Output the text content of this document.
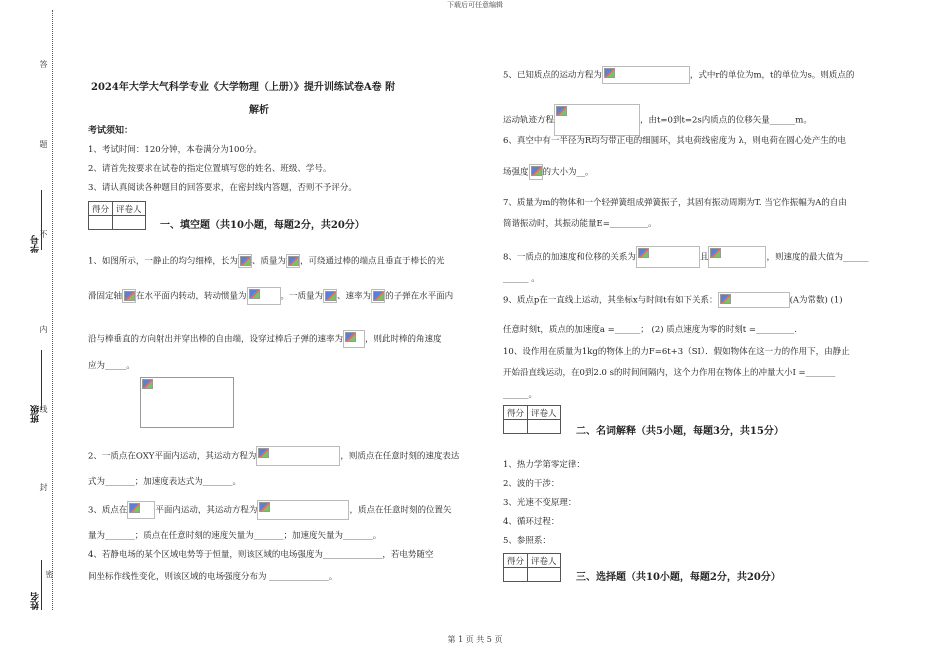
下载后可任意编辑
第 1 页 共 5 页
答
题
不
内
线
封
密
学号
班级
姓名
2024年大学大气科学专业《大学物理（上册）》提升训练试卷A卷 附
解析
考试须知：
1、考试时间：120分钟，本卷满分为100分。
2、请首先按要求在试卷的指定位置填写您的姓名、班级、学号。
3、请认真阅读各种题目的回答要求，在密封线内答题，否则不予评分。
得分	评卷人

一、填空题（共10小题，每题2分，共20分）
1、如图所示，一静止的均匀细棒，长为 、质量为 ，可绕通过棒的端点且垂直于棒长的光
滑固定轴 在水平面内转动，转动惯量为	。一质量为 、速率为 的子弹在水平面内
沿与棒垂直的方向射出并穿出棒的自由端，设穿过棒后子弹的速率为	，则此时棒的角速度
应为_____。
2、一质点在OXY平面内运动，其运动方程为	，则质点在任意时刻的速度表达
式为_______；加速度表达式为_______。
3、质点在	平面内运动，其运动方程为	，质点在任意时刻的位置矢
量为_______；质点在任意时刻的速度矢量为_______；加速度矢量为_______。
4、若静电场的某个区域电势等于恒量，则该区域的电场强度为______________，若电势随空
间坐标作线性变化，则该区域的电场强度分布为 ______________。
5、已知质点的运动方程为	，式中r的单位为m，t的单位为s。则质点的
运动轨迹方程	，由t=0到t=2s内质点的位移矢量______m。
6、真空中有一半径为R均匀带正电的细圆环，其电荷线密度为 λ，则电荷在圆心处产生的电
场强度 的大小为__。
7、质量为m的物体和一个轻弹簧组成弹簧振子，其固有振动周期为T. 当它作振幅为A的自由
简谐振动时，其振动能量E=_________。
8、一质点的加速度和位移的关系为	且	，则速度的最大值为______
______ 。
9、质点p在一直线上运动，其坐标x与时间t有如下关系：	(A为常数) (1)
任意时刻t，质点的加速度a =______； (2) 质点速度为零的时刻t =_________.
10、设作用在质量为1kg的物体上的力F=6t+3（SI）．假如物体在这一力的作用下，由静止
开始沿直线运动，在0到2.0 s的时间间隔内，这个力作用在物体上的冲量大小I =_______
______。
得分	评卷人

二、名词解释（共5小题，每题3分，共15分）
1、热力学第零定律：
2、波的干涉：
3、光速不变原理：
4、循环过程：
5、参照系：
得分	评卷人

三、选择题（共10小题，每题2分，共20分）
